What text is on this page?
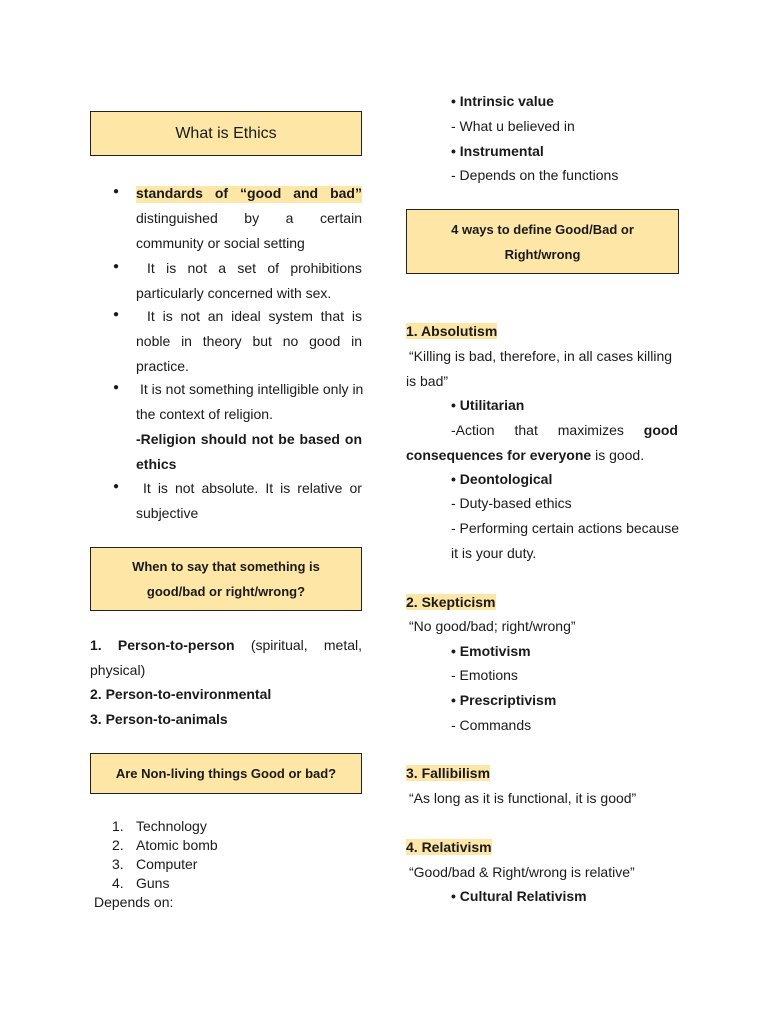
What is Ethics
● standards of “good and bad”
distinguished by a certain
community or social setting
● It is not a set of prohibitions
particularly concerned with sex.
● It is not an ideal system that is
noble in theory but no good in
practice.
● It is not something intelligible only in
the context of religion.
-Religion should not be based on
ethics
● It is not absolute. It is relative or
subjective
When to say that something is
good/bad or right/wrong?
1. Person-to-person (spiritual, metal,
physical)
2. Person-to-environmental
3. Person-to-animals
Are Non-living things Good or bad?
1. Technology
2. Atomic bomb
3. Computer
4. Guns
Depends on:
• Intrinsic value
- What u believed in
• Instrumental
- Depends on the functions
4 ways to define Good/Bad or
Right/wrong
1. Absolutism
“Killing is bad, therefore, in all cases killing
is bad”
• Utilitarian
-Action that maximizes good
consequences for everyone is good.
• Deontological
- Duty-based ethics
- Performing certain actions because
it is your duty.
2. Skepticism
“No good/bad; right/wrong”
• Emotivism
- Emotions
• Prescriptivism
- Commands
3. Fallibilism
“As long as it is functional, it is good”
4. Relativism
“Good/bad & Right/wrong is relative”
• Cultural Relativism
